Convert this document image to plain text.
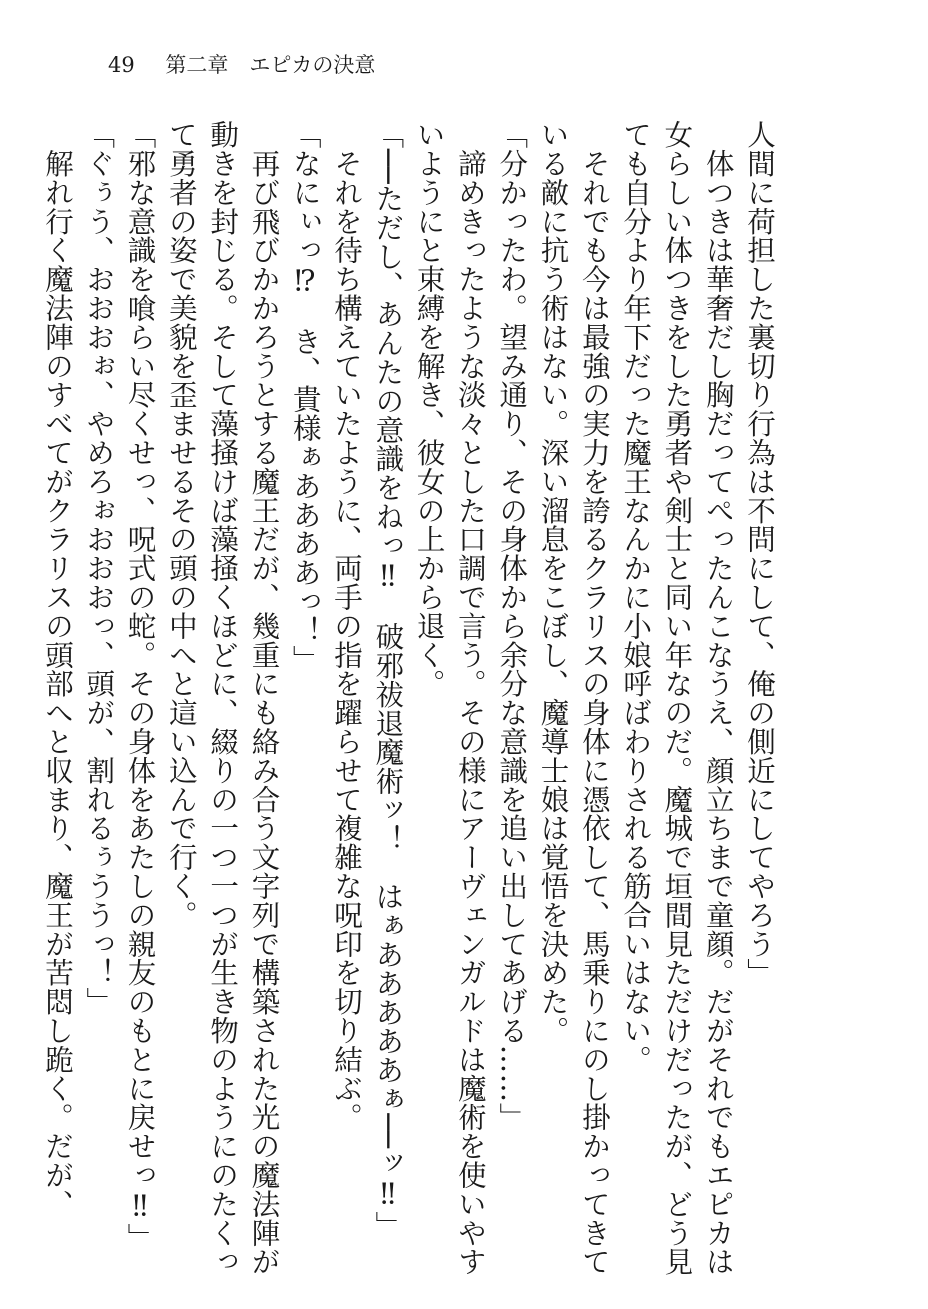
49 第二章　エピカの決意

人間に荷担した裏切り行為は不問にして、俺の側近にしてやろう」

　体つきは華奢だし胸だってぺったんこなうえ、顔立ちまで童顔。だがそれでもエピカは

女らしい体つきをした勇者や剣士と同い年なのだ。魔城で垣間見ただけだったが、どう見

ても自分より年下だった魔王なんかに小娘呼ばわりされる筋合いはない。

　それでも今は最強の実力を誇るクラリスの身体に憑依して、馬乗りにのし掛かってきて

いる敵に抗う術はない。深い溜息をこぼし、魔導士娘は覚悟を決めた。

「分かったわ。望み通り、その身体から余分な意識を追い出してあげる……」

　諦めきったような淡々とした口調で言う。その様にアーヴェンガルドは魔術を使いやす

いようにと束縛を解き、彼女の上から退く。

「──ただし、あんたの意識をねっ‼　破邪祓退魔術ッ！　はぁあああああぁ──ッ‼」

　それを待ち構えていたように、両手の指を躍らせて複雑な呪印を切り結ぶ。

「なにぃっ⁉　き、貴様ぁああああっ！」

　再び飛びかかろうとする魔王だが、幾重にも絡み合う文字列で構築された光の魔法陣が

動きを封じる。そして藻掻けば藻掻くほどに、綴りの一つ一つが生き物のようにのたくっ

て勇者の姿で美貌を歪ませるその頭の中へと這い込んで行く。

「邪な意識を喰らい尽くせっ、呪式の蛇。その身体をあたしの親友のもとに戻せっ‼」

「ぐぅう、おおおぉ、やめろぉおおおっ、頭が、割れるぅううっ！」

　解れ行く魔法陣のすべてがクラリスの頭部へと収まり、魔王が苦悶し跪く。だが、
